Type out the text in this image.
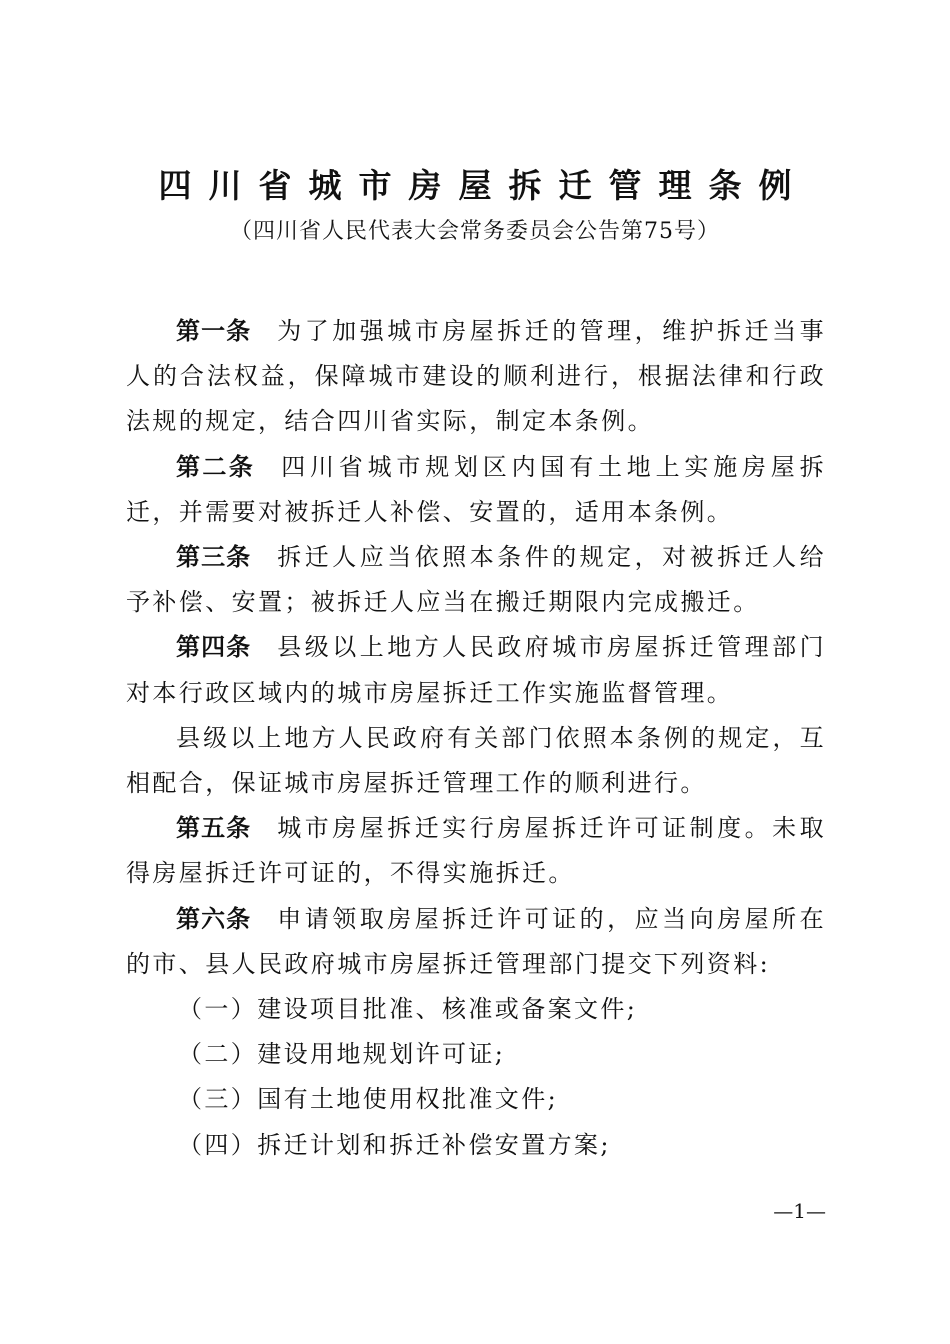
四川省城市房屋拆迁管理条例
（四川省人民代表大会常务委员会公告第75号）

第一条 为了加强城市房屋拆迁的管理，维护拆迁当事人的合法权益，保障城市建设的顺利进行，根据法律和行政法规的规定，结合四川省实际，制定本条例。

第二条 四川省城市规划区内国有土地上实施房屋拆迁，并需要对被拆迁人补偿、安置的，适用本条例。

第三条 拆迁人应当依照本条件的规定，对被拆迁人给予补偿、安置；被拆迁人应当在搬迁期限内完成搬迁。

第四条 县级以上地方人民政府城市房屋拆迁管理部门对本行政区域内的城市房屋拆迁工作实施监督管理。

县级以上地方人民政府有关部门依照本条例的规定，互相配合，保证城市房屋拆迁管理工作的顺利进行。

第五条 城市房屋拆迁实行房屋拆迁许可证制度。未取得房屋拆迁许可证的，不得实施拆迁。

第六条 申请领取房屋拆迁许可证的，应当向房屋所在的市、县人民政府城市房屋拆迁管理部门提交下列资料:

（一）建设项目批准、核准或备案文件;

（二）建设用地规划许可证;

（三）国有土地使用权批准文件;

（四）拆迁计划和拆迁补偿安置方案;

—1—
